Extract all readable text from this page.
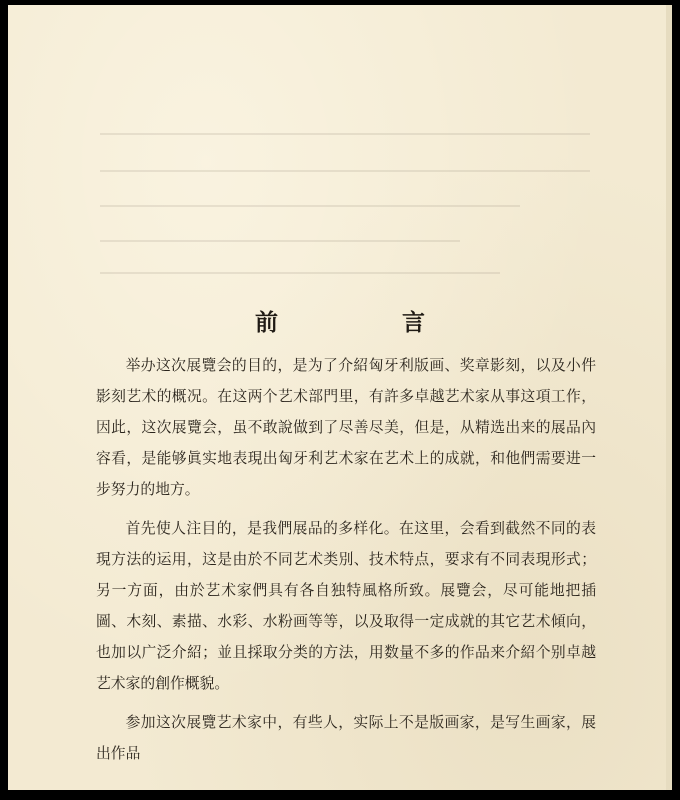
前 言

举办这次展覽会的目的，是为了介紹匈牙利版画、奖章影刻，以及小件影刻艺术的概况。在这两个艺术部門里，有許多卓越艺术家从事这項工作，因此，这次展覽会，虽不敢說做到了尽善尽美，但是，从精选出来的展品內容看，是能够眞实地表現出匈牙利艺术家在艺术上的成就，和他們需要进一步努力的地方。

首先使人注目的，是我們展品的多样化。在这里，会看到截然不同的表現方法的运用，这是由於不同艺术类別、技术特点，要求有不同表現形式；另一方面，由於艺术家們具有各自独特風格所致。展覽会，尽可能地把插圖、木刻、素描、水彩、水粉画等等，以及取得一定成就的其它艺术傾向，也加以广泛介紹；並且採取分类的方法，用数量不多的作品来介紹个别卓越艺术家的創作概貌。

参加这次展覽艺术家中，有些人，实际上不是版画家，是写生画家，展出作品
